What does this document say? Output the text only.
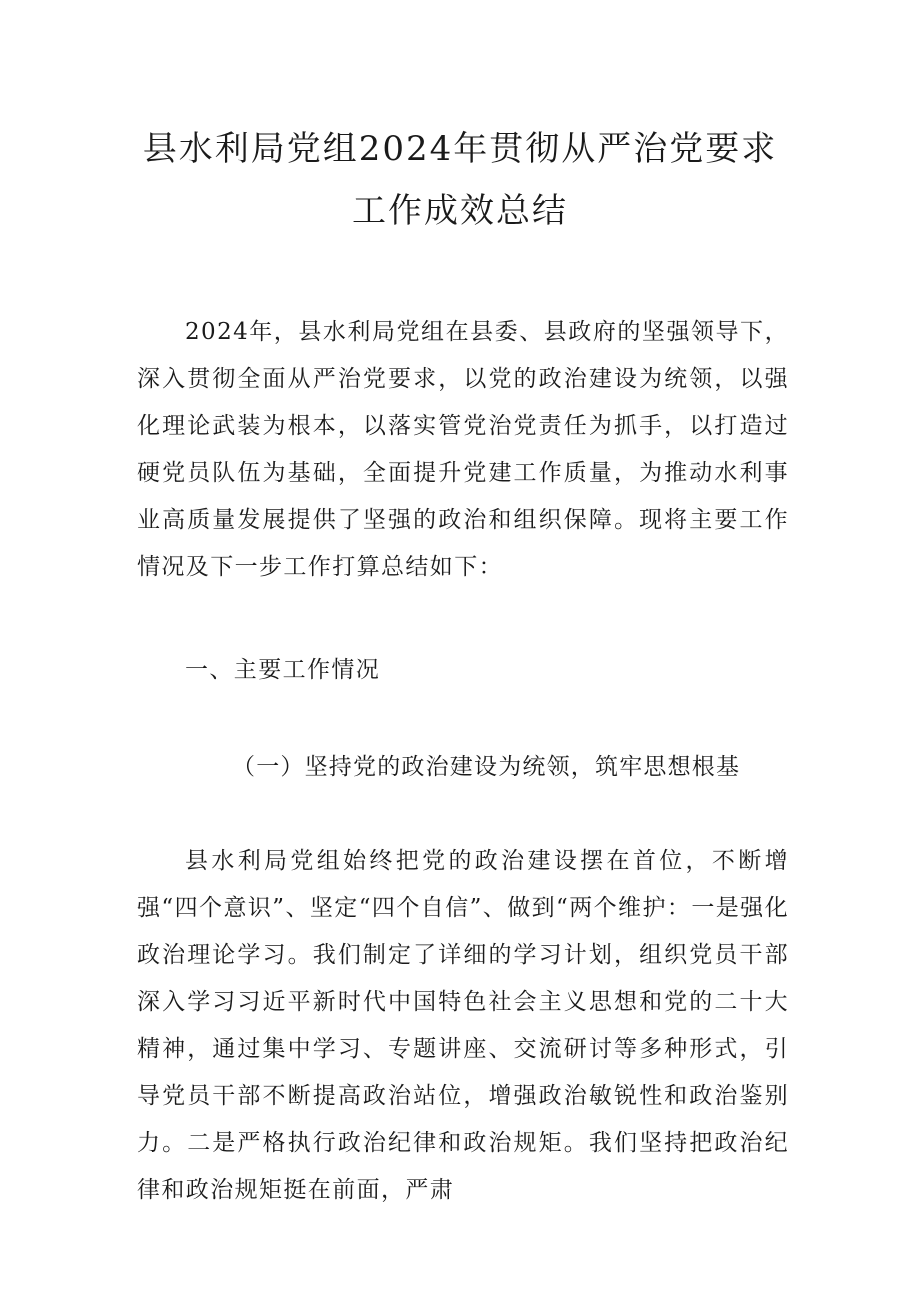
县水利局党组2024年贯彻从严治党要求工作成效总结

2024年，县水利局党组在县委、县政府的坚强领导下，深入贯彻全面从严治党要求，以党的政治建设为统领，以强化理论武装为根本，以落实管党治党责任为抓手，以打造过硬党员队伍为基础，全面提升党建工作质量，为推动水利事业高质量发展提供了坚强的政治和组织保障。现将主要工作情况及下一步工作打算总结如下：

一、主要工作情况
（一）坚持党的政治建设为统领，筑牢思想根基

县水利局党组始终把党的政治建设摆在首位，不断增强“四个意识”、坚定“四个自信”、做到“两个维护：一是强化政治理论学习。我们制定了详细的学习计划，组织党员干部深入学习习近平新时代中国特色社会主义思想和党的二十大精神，通过集中学习、专题讲座、交流研讨等多种形式，引导党员干部不断提高政治站位，增强政治敏锐性和政治鉴别力。二是严格执行政治纪律和政治规矩。我们坚持把政治纪律和政治规矩挺在前面，严肃
